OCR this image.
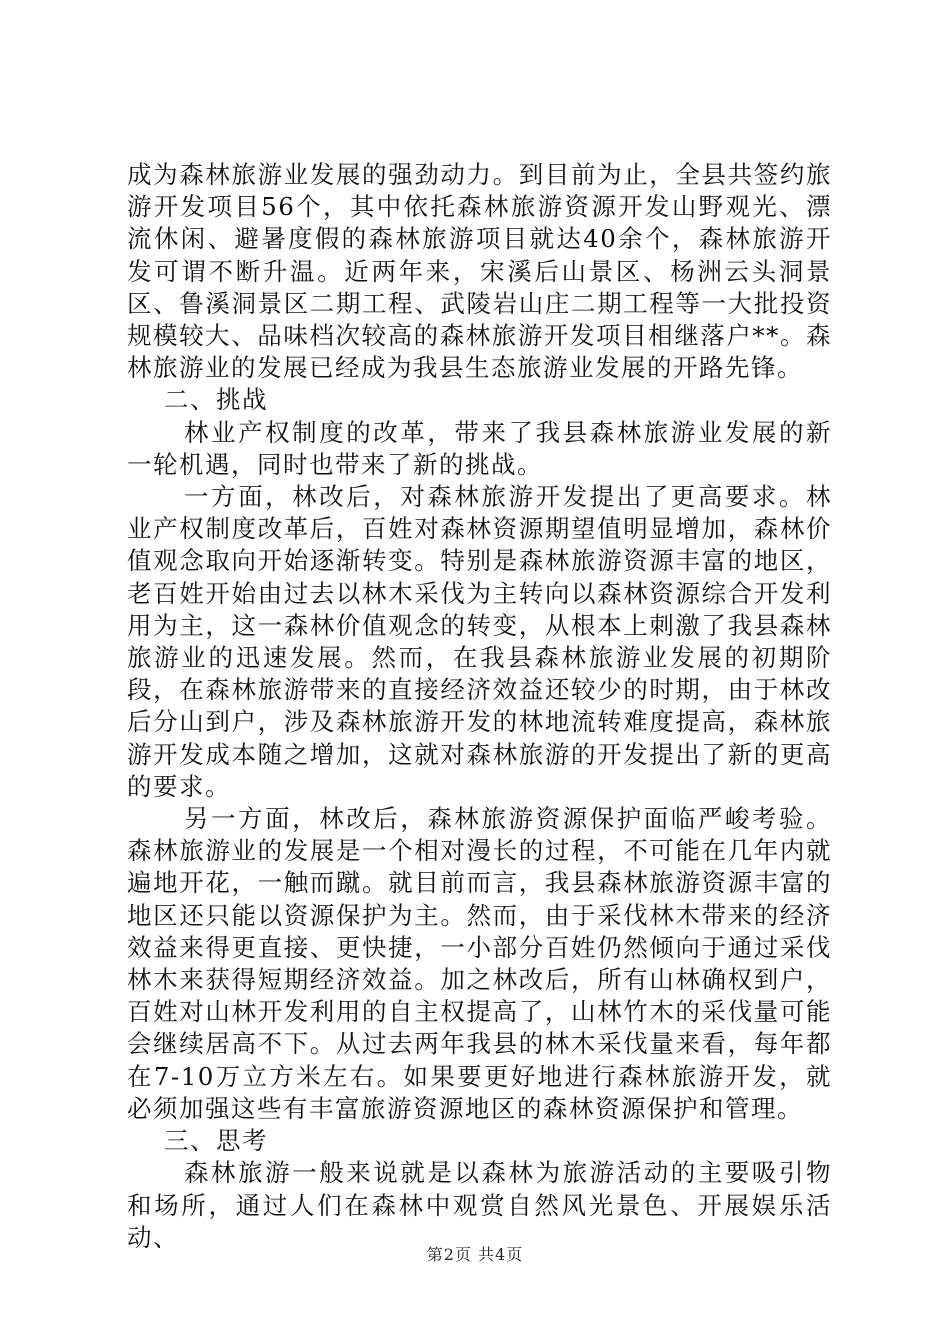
成为森林旅游业发展的强劲动力。到目前为止，全县共签约旅游开发项目56个，其中依托森林旅游资源开发山野观光、漂流休闲、避暑度假的森林旅游项目就达40余个，森林旅游开发可谓不断升温。近两年来，宋溪后山景区、杨洲云头洞景区、鲁溪洞景区二期工程、武陵岩山庄二期工程等一大批投资规模较大、品味档次较高的森林旅游开发项目相继落户**。森林旅游业的发展已经成为我县生态旅游业发展的开路先锋。

二、挑战

林业产权制度的改革，带来了我县森林旅游业发展的新一轮机遇，同时也带来了新的挑战。

一方面，林改后，对森林旅游开发提出了更高要求。林业产权制度改革后，百姓对森林资源期望值明显增加，森林价值观念取向开始逐渐转变。特别是森林旅游资源丰富的地区，老百姓开始由过去以林木采伐为主转向以森林资源综合开发利用为主，这一森林价值观念的转变，从根本上刺激了我县森林旅游业的迅速发展。然而，在我县森林旅游业发展的初期阶段，在森林旅游带来的直接经济效益还较少的时期，由于林改后分山到户，涉及森林旅游开发的林地流转难度提高，森林旅游开发成本随之增加，这就对森林旅游的开发提出了新的更高的要求。

另一方面，林改后，森林旅游资源保护面临严峻考验。森林旅游业的发展是一个相对漫长的过程，不可能在几年内就遍地开花，一触而蹴。就目前而言，我县森林旅游资源丰富的地区还只能以资源保护为主。然而，由于采伐林木带来的经济效益来得更直接、更快捷，一小部分百姓仍然倾向于通过采伐林木来获得短期经济效益。加之林改后，所有山林确权到户，百姓对山林开发利用的自主权提高了，山林竹木的采伐量可能会继续居高不下。从过去两年我县的林木采伐量来看，每年都在7-10万立方米左右。如果要更好地进行森林旅游开发，就必须加强这些有丰富旅游资源地区的森林资源保护和管理。

三、思考

森林旅游一般来说就是以森林为旅游活动的主要吸引物和场所，通过人们在森林中观赏自然风光景色、开展娱乐活动、

第2页 共4页
